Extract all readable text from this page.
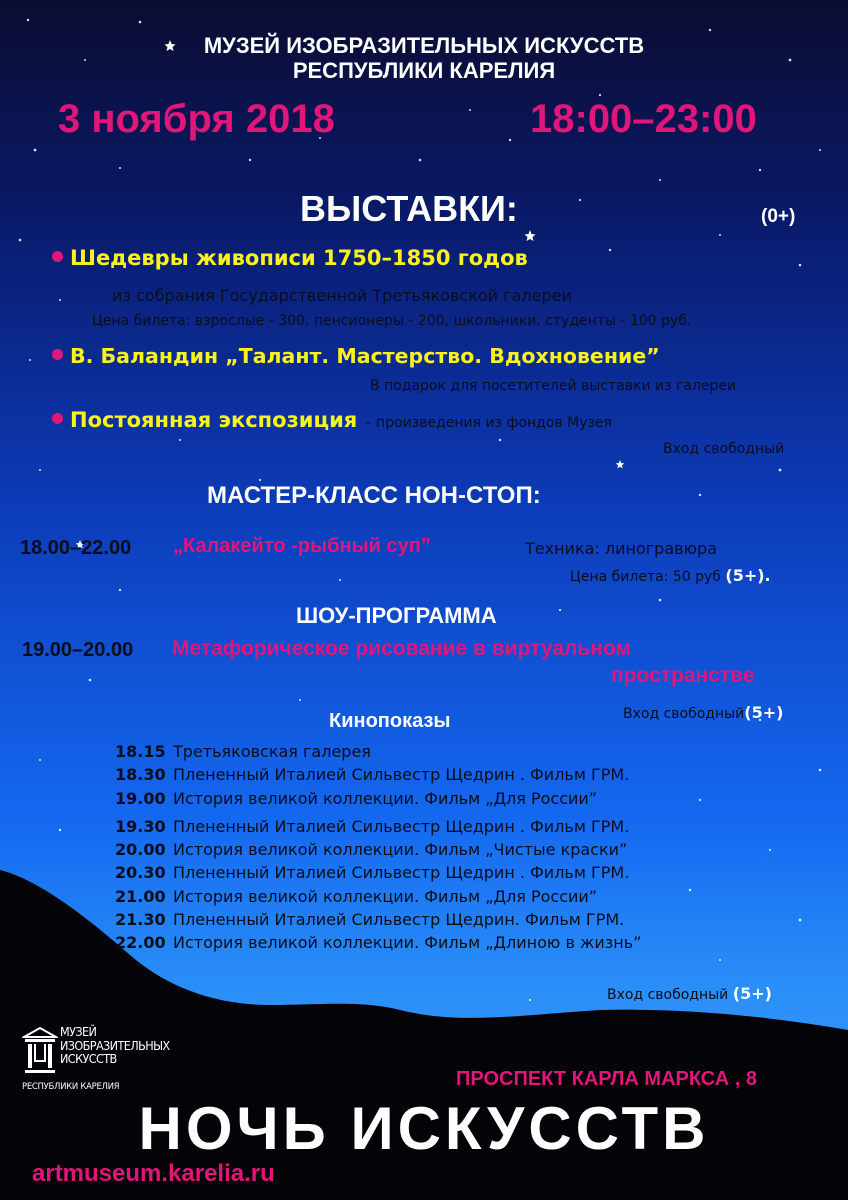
МУЗЕЙ ИЗОБРАЗИТЕЛЬНЫХ ИСКУССТВ
РЕСПУБЛИКИ КАРЕЛИЯ
3 ноября 2018	18:00–23:00
ВЫСТАВКИ:	(0+)
Шедевры живописи 1750–1850 годов
из собрания Государственной Третьяковской галереи
Цена билета: взрослые - 300, пенсионеры - 200, школьники, студенты - 100 руб.
В. Баландин „Талант. Мастерство. Вдохновение”
В подарок для посетителей выставки из галереи
Постоянная экспозиция – произведения из фондов Музея
Вход свободный
МАСТЕР-КЛАСС НОН-СТОП:
18.00–22.00 „Калакейто -рыбный суп”	Техника: линогравюра
Цена билета: 50 руб (5+).
ШОУ-ПРОГРАММА
19.00–20.00 Метафорическое рисование в виртуальном
пространстве
Вход свободный(5+)
Кинопоказы
18.15 Третьяковская галерея
18.30 Плененный Италией Сильвестр Щедрин . Фильм ГРМ.
19.00 История великой коллекции. Фильм „Для России”
19.30 Плененный Италией Сильвестр Щедрин . Фильм ГРМ.
20.00 История великой коллекции. Фильм „Чистые краски”
20.30 Плененный Италией Сильвестр Щедрин . Фильм ГРМ.
21.00 История великой коллекции. Фильм „Для России”
21.30 Плененный Италией Сильвестр Щедрин. Фильм ГРМ.
22.00 История великой коллекции. Фильм „Длиною в жизнь”
Вход свободный (5+)
МУЗЕЙ
ИЗОБРАЗИТЕЛЬНЫХ
ИСКУССТВ
РЕСПУБЛИКИ КАРЕЛИЯ	ПРОСПЕКТ КАРЛА МАРКСА , 8
НОЧЬ ИСКУССТВ
artmuseum.karelia.ru
